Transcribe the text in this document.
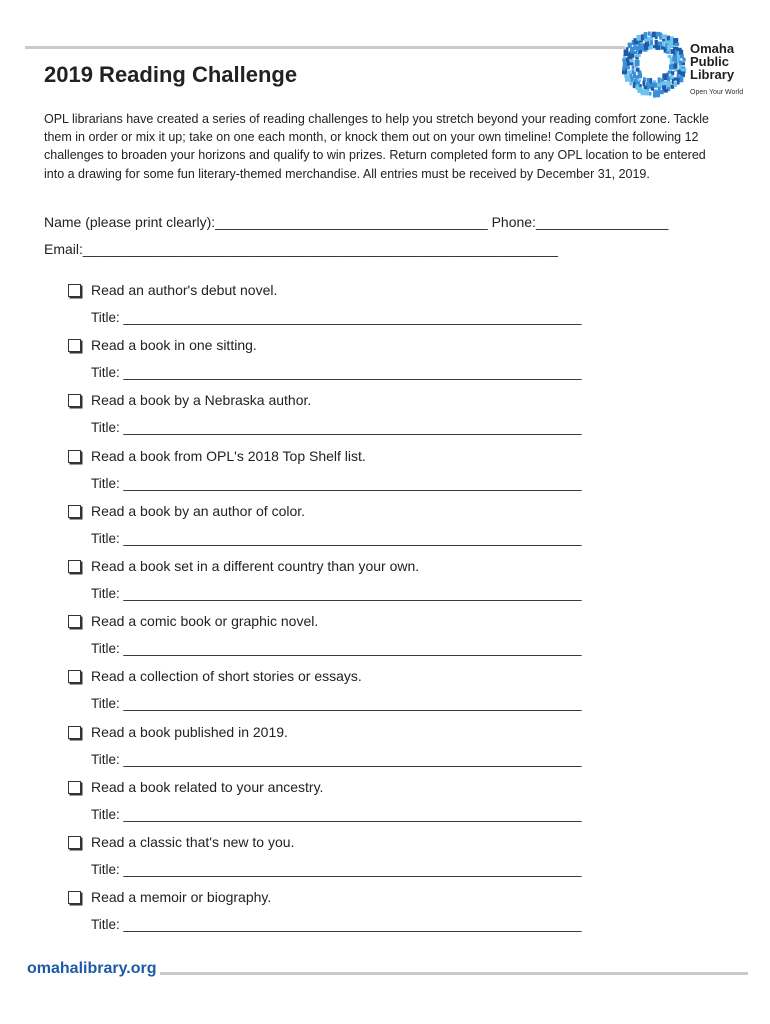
Omaha
Public
Library
Open Your World
2019 Reading Challenge

OPL librarians have created a series of reading challenges to help you stretch beyond your reading comfort zone. Tackle them in order or mix it up; take on one each month, or knock them out on your own timeline! Complete the following 12 challenges to broaden your horizons and qualify to win prizes. Return completed form to any OPL location to be entered into a drawing for some fun literary-themed merchandise. All entries must be received by December 31, 2019.

Name (please print clearly):___________________________________ Phone:_________________
Email:_____________________________________________________________
Read an author's debut novel.
Title: _____________________________________________________________
Read a book in one sitting.
Title: _____________________________________________________________
Read a book by a Nebraska author.
Title: _____________________________________________________________
Read a book from OPL's 2018 Top Shelf list.
Title: _____________________________________________________________
Read a book by an author of color.
Title: _____________________________________________________________
Read a book set in a different country than your own.
Title: _____________________________________________________________
Read a comic book or graphic novel.
Title: _____________________________________________________________
Read a collection of short stories or essays.
Title: _____________________________________________________________
Read a book published in 2019.
Title: _____________________________________________________________
Read a book related to your ancestry.
Title: _____________________________________________________________
Read a classic that's new to you.
Title: _____________________________________________________________
Read a memoir or biography.
Title: _____________________________________________________________
omahalibrary.org
